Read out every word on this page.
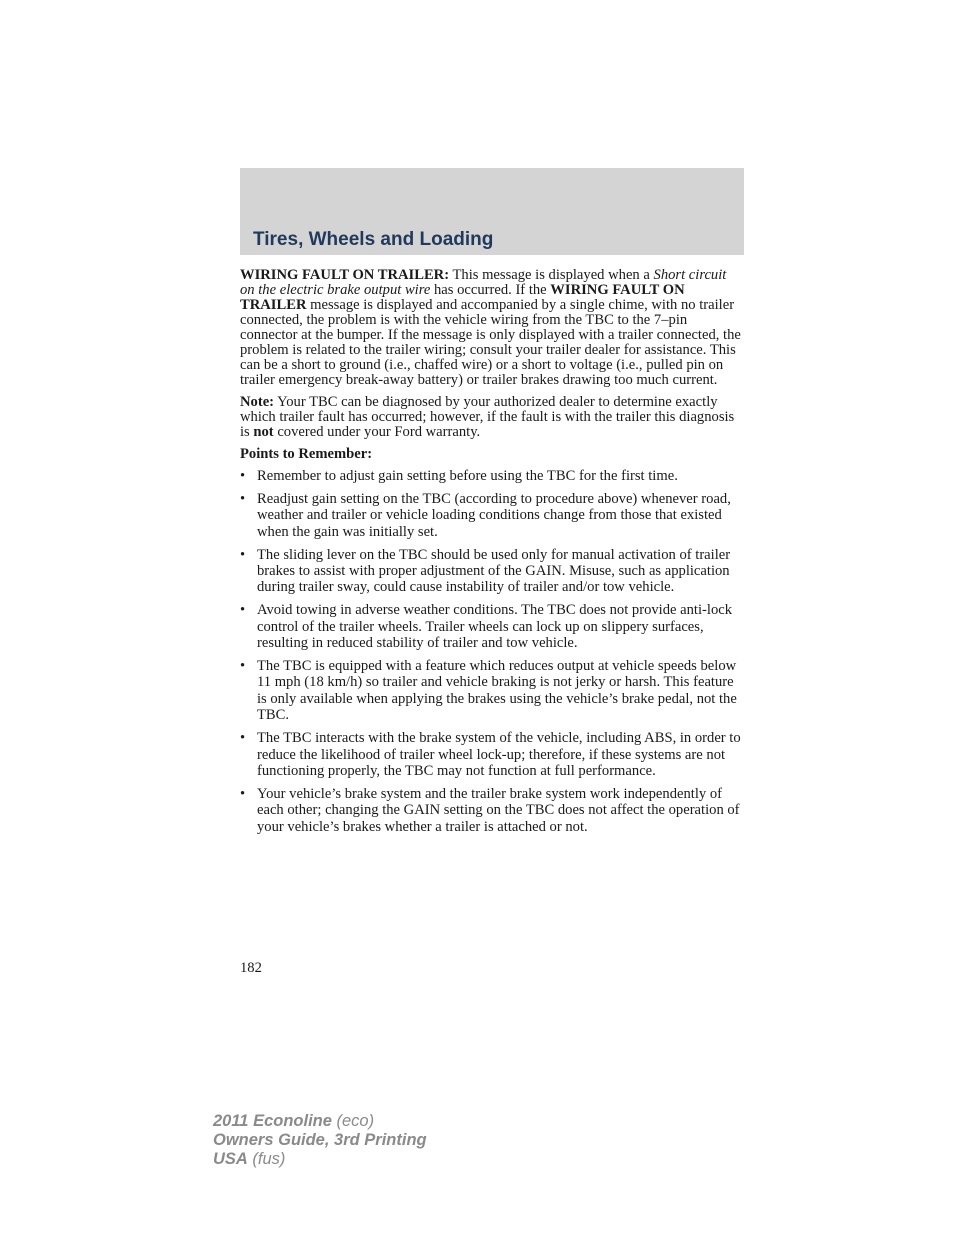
Tires, Wheels and Loading

WIRING FAULT ON TRAILER: This message is displayed when a Short circuit on the electric brake output wire has occurred. If the WIRING FAULT ON TRAILER message is displayed and accompanied by a single chime, with no trailer connected, the problem is with the vehicle wiring from the TBC to the 7–pin connector at the bumper. If the message is only displayed with a trailer connected, the problem is related to the trailer wiring; consult your trailer dealer for assistance. This can be a short to ground (i.e., chaffed wire) or a short to voltage (i.e., pulled pin on trailer emergency break-away battery) or trailer brakes drawing too much current.

Note: Your TBC can be diagnosed by your authorized dealer to determine exactly which trailer fault has occurred; however, if the fault is with the trailer this diagnosis is not covered under your Ford warranty.

Points to Remember:

• Remember to adjust gain setting before using the TBC for the first time.
• Readjust gain setting on the TBC (according to procedure above) whenever road, weather and trailer or vehicle loading conditions change from those that existed when the gain was initially set.
• The sliding lever on the TBC should be used only for manual activation of trailer brakes to assist with proper adjustment of the GAIN. Misuse, such as application during trailer sway, could cause instability of trailer and/or tow vehicle.
• Avoid towing in adverse weather conditions. The TBC does not provide anti-lock control of the trailer wheels. Trailer wheels can lock up on slippery surfaces, resulting in reduced stability of trailer and tow vehicle.
• The TBC is equipped with a feature which reduces output at vehicle speeds below 11 mph (18 km/h) so trailer and vehicle braking is not jerky or harsh. This feature is only available when applying the brakes using the vehicle’s brake pedal, not the TBC.
• The TBC interacts with the brake system of the vehicle, including ABS, in order to reduce the likelihood of trailer wheel lock-up; therefore, if these systems are not functioning properly, the TBC may not function at full performance.
• Your vehicle’s brake system and the trailer brake system work independently of each other; changing the GAIN setting on the TBC does not affect the operation of your vehicle’s brakes whether a trailer is attached or not.
182
2011 Econoline (eco)
Owners Guide, 3rd Printing
USA (fus)
